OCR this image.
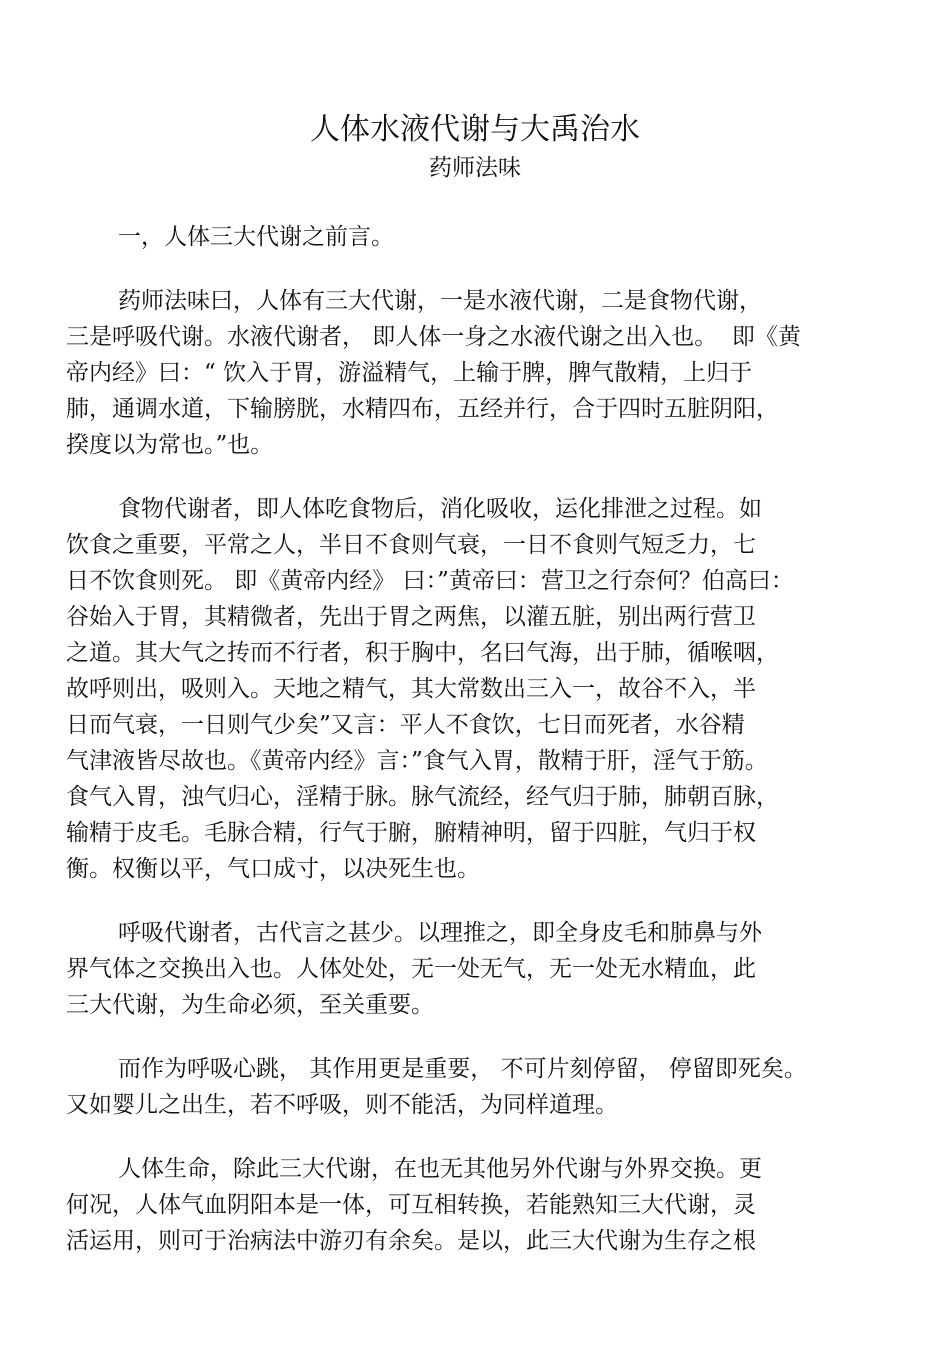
人体水液代谢与大禹治水
药师法味

一，人体三大代谢之前言。

药师法味曰，人体有三大代谢，一是水液代谢，二是食物代谢，

三是呼吸代谢。水液代谢者， 即人体一身之水液代谢之出入也。  即《黄

帝内经》曰：“ 饮入于胃，游溢精气，上输于脾，脾气散精，上归于

肺，通调水道，下输膀胱，水精四布，五经并行，合于四时五脏阴阳，

揆度以为常也。”也。

食物代谢者，即人体吃食物后，消化吸收，运化排泄之过程。如

饮食之重要，平常之人，半日不食则气衰，一日不食则气短乏力，七

日不饮食则死。 即《黄帝内经》 曰：”黄帝曰：营卫之行奈何？伯高曰：

谷始入于胃，其精微者，先出于胃之两焦，以灌五脏，别出两行营卫

之道。其大气之抟而不行者，积于胸中，名曰气海，出于肺，循喉咽，

故呼则出，吸则入。天地之精气，其大常数出三入一，故谷不入，半

日而气衰，一日则气少矣”又言：平人不食饮，七日而死者，水谷精

气津液皆尽故也。《黄帝内经》言：”食气入胃，散精于肝，淫气于筋。

食气入胃，浊气归心，淫精于脉。脉气流经，经气归于肺，肺朝百脉，

输精于皮毛。毛脉合精，行气于腑，腑精神明，留于四脏，气归于权

衡。权衡以平，气口成寸，以决死生也。

呼吸代谢者，古代言之甚少。以理推之，即全身皮毛和肺鼻与外

界气体之交换出入也。人体处处，无一处无气，无一处无水精血，此

三大代谢，为生命必须，至关重要。

而作为呼吸心跳， 其作用更是重要， 不可片刻停留， 停留即死矣。

又如婴儿之出生，若不呼吸，则不能活，为同样道理。

人体生命，除此三大代谢，在也无其他另外代谢与外界交换。更

何况，人体气血阴阳本是一体，可互相转换，若能熟知三大代谢，灵

活运用，则可于治病法中游刃有余矣。是以，此三大代谢为生存之根
